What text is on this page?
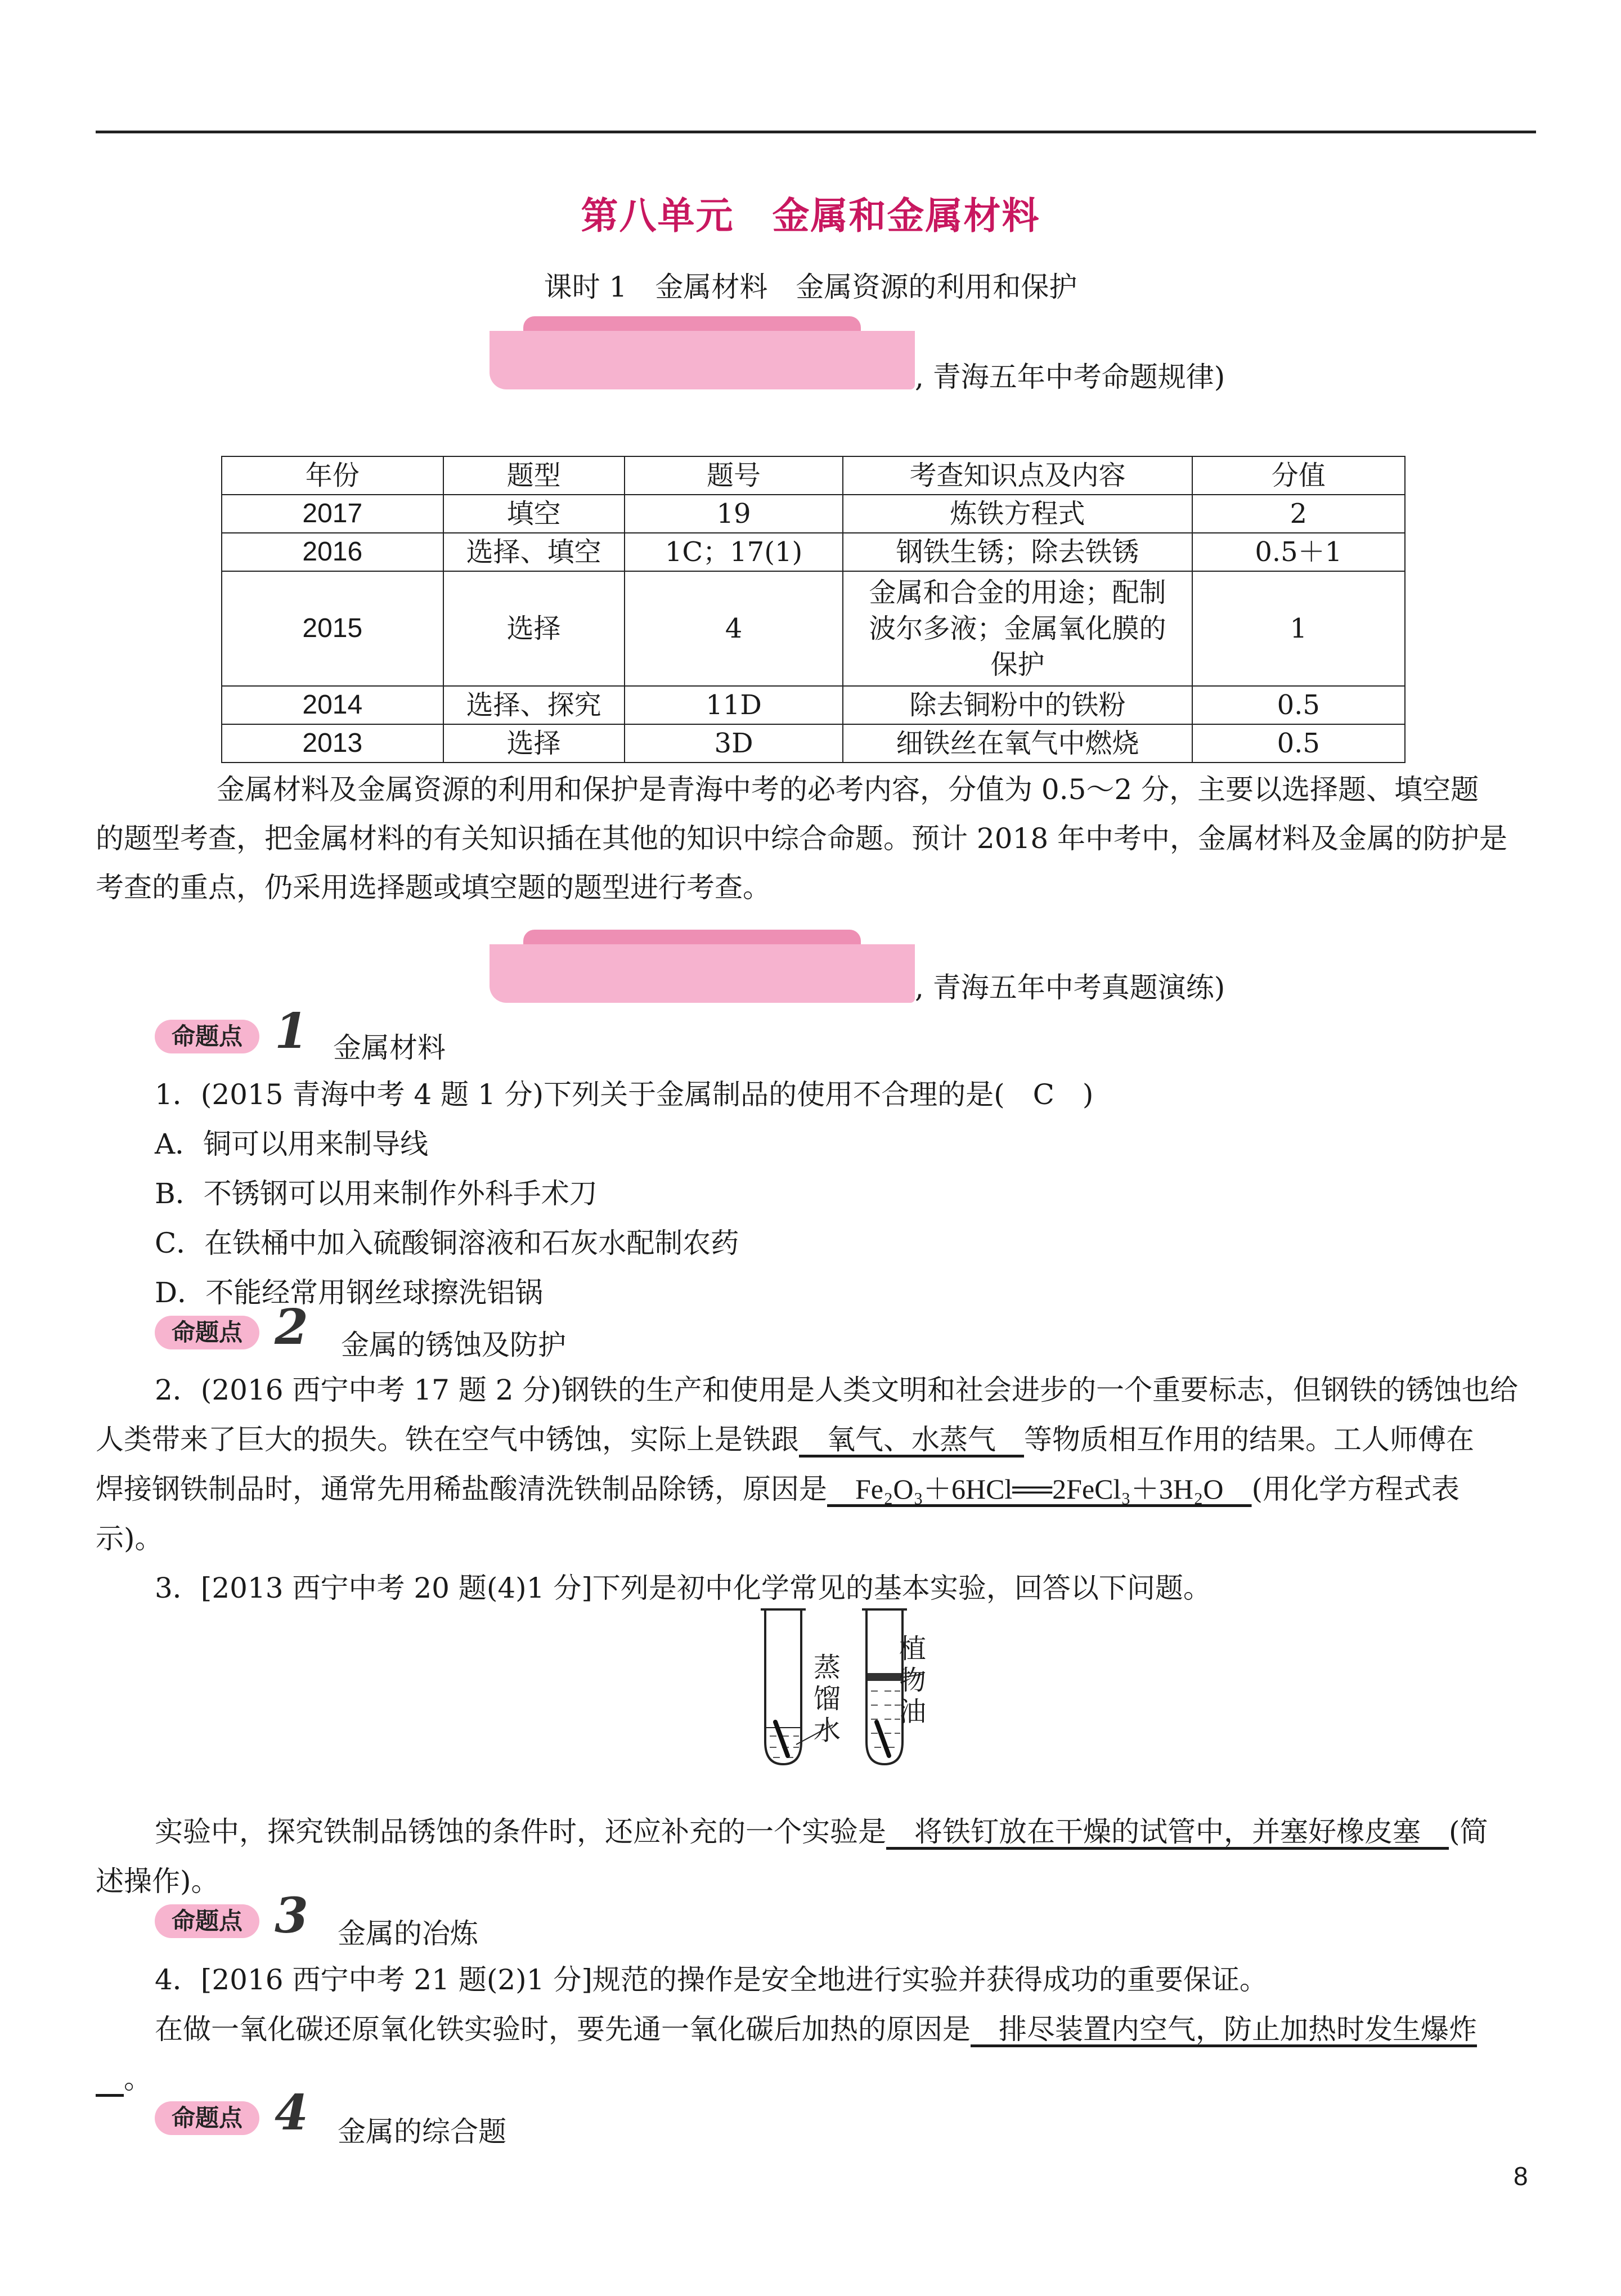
第八单元　金属和金属材料
课时 1　金属材料　金属资源的利用和保护
, 青海五年中考命题规律)
年份	题型	题号	考查知识点及内容	分值
2017	填空	19	炼铁方程式	2
2016	选择、填空	1C；17(1)	钢铁生锈；除去铁锈	0.5＋1
2015	选择	4	金属和合金的用途；配制波尔多液；金属氧化膜的保护	1
2014	选择、探究	11D	除去铜粉中的铁粉	0.5
2013	选择	3D	细铁丝在氧气中燃烧	0.5
金属材料及金属资源的利用和保护是青海中考的必考内容，分值为 0.5～2 分，主要以选择题、填空题
的题型考查，把金属材料的有关知识插在其他的知识中综合命题。预计 2018 年中考中，金属材料及金属的防护是
考查的重点，仍采用选择题或填空题的题型进行考查。
, 青海五年中考真题演练)
命题点 1 金属材料
1．(2015 青海中考 4 题 1 分)下列关于金属制品的使用不合理的是(　C　)
A．铜可以用来制导线
B．不锈钢可以用来制作外科手术刀
C．在铁桶中加入硫酸铜溶液和石灰水配制农药
D．不能经常用钢丝球擦洗铝锅
命题点 2 金属的锈蚀及防护
2．(2016 西宁中考 17 题 2 分)钢铁的生产和使用是人类文明和社会进步的一个重要标志，但钢铁的锈蚀也给
人类带来了巨大的损失。铁在空气中锈蚀，实际上是铁跟　氧气、水蒸气　等物质相互作用的结果。工人师傅在
焊接钢铁制品时，通常先用稀盐酸清洗铁制品除锈，原因是　Fe₂O₃＋6HCl══2FeCl₃＋3H₂O　(用化学方程式表
示)。
3．[2013 西宁中考 20 题(4)1 分]下列是初中化学常见的基本实验，回答以下问题。
蒸
馏
水
植
物
油
实验中，探究铁制品锈蚀的条件时，还应补充的一个实验是　将铁钉放在干燥的试管中，并塞好橡皮塞　(简
述操作)。
命题点 3 金属的冶炼
4．[2016 西宁中考 21 题(2)1 分]规范的操作是安全地进行实验并获得成功的重要保证。
在做一氧化碳还原氧化铁实验时，要先通一氧化碳后加热的原因是　排尽装置内空气，防止加热时发生爆炸
　。
命题点 4 金属的综合题
8
